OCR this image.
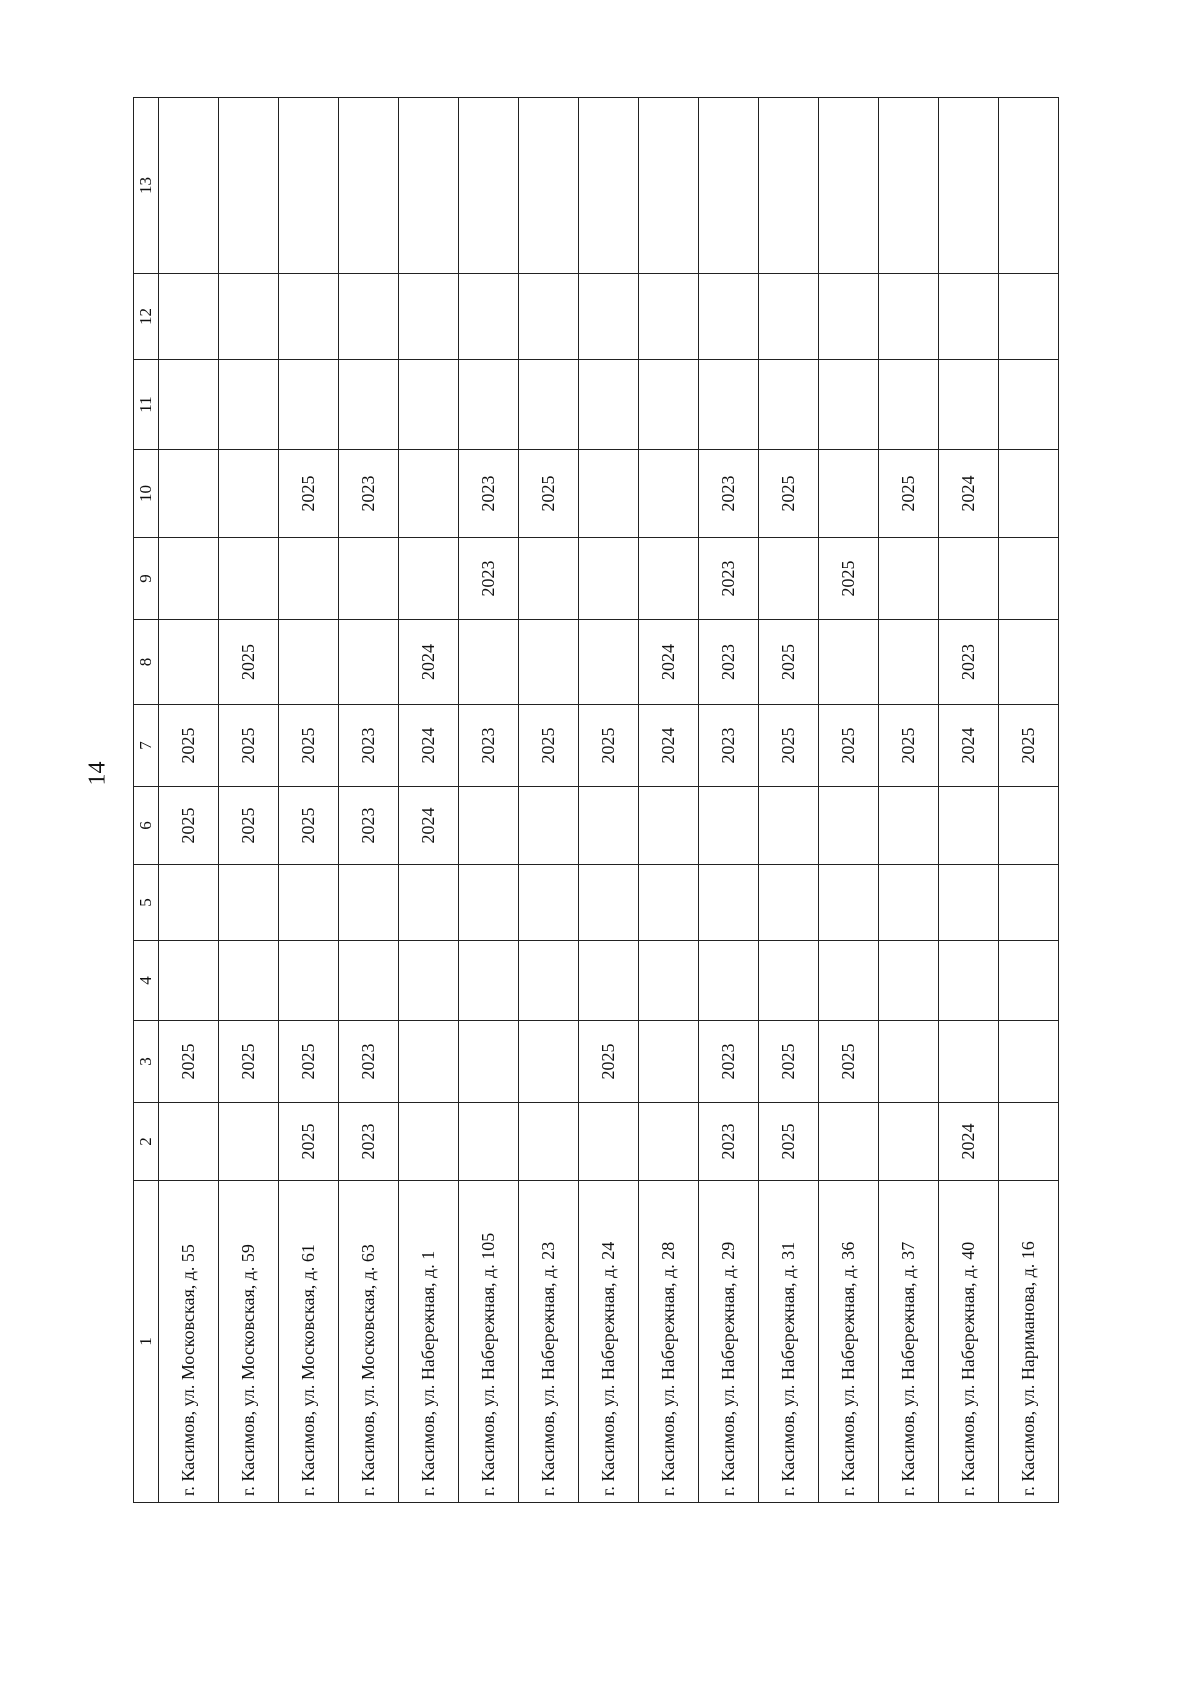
14
1	2	3	4	5	6	7	8	9	10	11	12	13
г. Касимов, ул. Московская, д. 55		2025			2025	2025						
г. Касимов, ул. Московская, д. 59		2025			2025	2025	2025					
г. Касимов, ул. Московская, д. 61	2025	2025			2025	2025			2025			
г. Касимов, ул. Московская, д. 63	2023	2023			2023	2023			2023			
г. Касимов, ул. Набережная, д. 1					2024	2024	2024					
г. Касимов, ул. Набережная, д. 105						2023		2023	2023			
г. Касимов, ул. Набережная, д. 23						2025			2025			
г. Касимов, ул. Набережная, д. 24		2025				2025						
г. Касимов, ул. Набережная, д. 28						2024	2024					
г. Касимов, ул. Набережная, д. 29	2023	2023				2023	2023	2023	2023			
г. Касимов, ул. Набережная, д. 31	2025	2025				2025	2025		2025			
г. Касимов, ул. Набережная, д. 36		2025				2025		2025				
г. Касимов, ул. Набережная, д. 37						2025			2025			
г. Касимов, ул. Набережная, д. 40	2024					2024	2023		2024			
г. Касимов, ул. Нариманова, д. 16						2025						
